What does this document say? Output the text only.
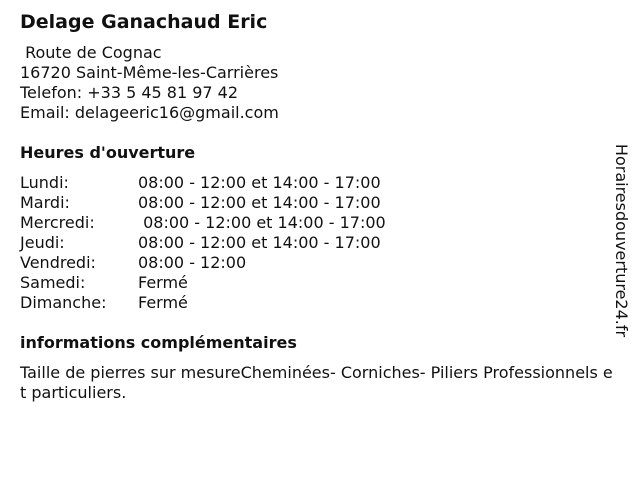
Delage Ganachaud Eric
Route de Cognac
16720 Saint-Même-les-Carrières
Telefon: +33 5 45 81 97 42
Email: delageeric16@gmail.com
Heures d'ouverture
Lundi:	08:00 - 12:00 et 14:00 - 17:00
Mardi:	08:00 - 12:00 et 14:00 - 17:00
Mercredi:	08:00 - 12:00 et 14:00 - 17:00
Jeudi:	08:00 - 12:00 et 14:00 - 17:00
Vendredi:	08:00 - 12:00
Samedi:	Fermé
Dimanche:	Fermé
informations complémentaires
Taille de pierres sur mesureCheminées- Corniches- Piliers Professionnels et particuliers.
Horairesdouverture24.fr
